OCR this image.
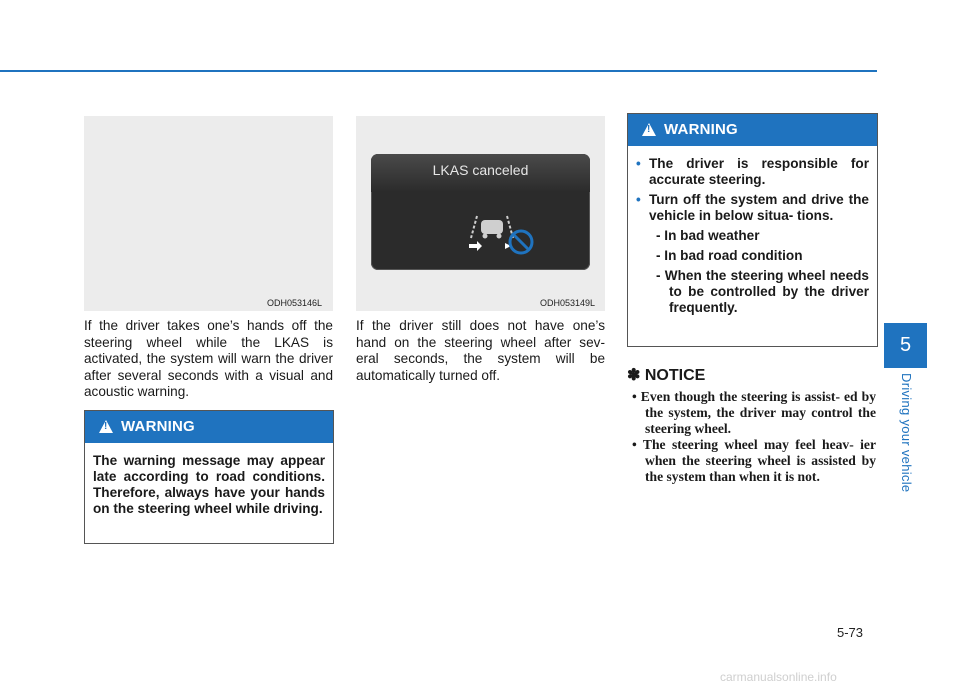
ODH053146L
LKAS canceled
ODH053149L
If the driver takes one’s hands off the steering wheel while the LKAS is activated, the system will warn the driver after several seconds with a visual and acoustic warning.
!WARNING
The warning message may appear late according to road conditions. Therefore, always have your hands on the steering wheel while driving.
If the driver still does not have one’s hand on the steering wheel after sev- eral seconds, the system will be automatically turned off.
!WARNING
• The driver is responsible for accurate steering.
• Turn off the system and drive the vehicle in below situa- tions.
- In bad weather
- In bad road condition
- When the steering wheel needs to be controlled by the driver frequently.
✽ NOTICE
• Even though the steering is assist- ed by the system, the driver may control the steering wheel.
• The steering wheel may feel heav- ier when the steering wheel is assisted by the system than when it is not.
5
Driving your vehicle
5-73
carmanualsonline.info
